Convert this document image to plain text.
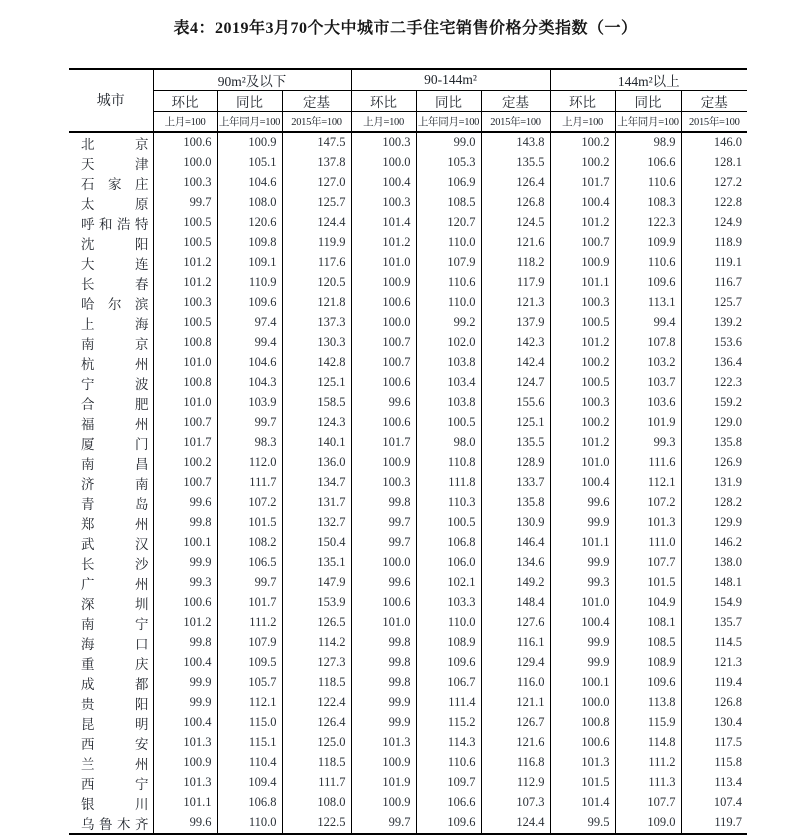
表4：2019年3月70个大中城市二手住宅销售价格分类指数（一）
城市	90m²及以下			90-144m²			144m²以上		
	环比	同比	定基	环比	同比	定基	环比	同比	定基
	上月=100	上年同月=100	2015年=100	上月=100	上年同月=100	2015年=100	上月=100	上年同月=100	2015年=100
北京	100.6	100.9	147.5	100.3	99.0	143.8	100.2	98.9	146.0
天津	100.0	105.1	137.8	100.0	105.3	135.5	100.2	106.6	128.1
石家庄	100.3	104.6	127.0	100.4	106.9	126.4	101.7	110.6	127.2
太原	99.7	108.0	125.7	100.3	108.5	126.8	100.4	108.3	122.8
呼和浩特	100.5	120.6	124.4	101.4	120.7	124.5	101.2	122.3	124.9
沈阳	100.5	109.8	119.9	101.2	110.0	121.6	100.7	109.9	118.9
大连	101.2	109.1	117.6	101.0	107.9	118.2	100.9	110.6	119.1
长春	101.2	110.9	120.5	100.9	110.6	117.9	101.1	109.6	116.7
哈尔滨	100.3	109.6	121.8	100.6	110.0	121.3	100.3	113.1	125.7
上海	100.5	97.4	137.3	100.0	99.2	137.9	100.5	99.4	139.2
南京	100.8	99.4	130.3	100.7	102.0	142.3	101.2	107.8	153.6
杭州	101.0	104.6	142.8	100.7	103.8	142.4	100.2	103.2	136.4
宁波	100.8	104.3	125.1	100.6	103.4	124.7	100.5	103.7	122.3
合肥	101.0	103.9	158.5	99.6	103.8	155.6	100.3	103.6	159.2
福州	100.7	99.7	124.3	100.6	100.5	125.1	100.2	101.9	129.0
厦门	101.7	98.3	140.1	101.7	98.0	135.5	101.2	99.3	135.8
南昌	100.2	112.0	136.0	100.9	110.8	128.9	101.0	111.6	126.9
济南	100.7	111.7	134.7	100.3	111.8	133.7	100.4	112.1	131.9
青岛	99.6	107.2	131.7	99.8	110.3	135.8	99.6	107.2	128.2
郑州	99.8	101.5	132.7	99.7	100.5	130.9	99.9	101.3	129.9
武汉	100.1	108.2	150.4	99.7	106.8	146.4	101.1	111.0	146.2
长沙	99.9	106.5	135.1	100.0	106.0	134.6	99.9	107.7	138.0
广州	99.3	99.7	147.9	99.6	102.1	149.2	99.3	101.5	148.1
深圳	100.6	101.7	153.9	100.6	103.3	148.4	101.0	104.9	154.9
南宁	101.2	111.2	126.5	101.0	110.0	127.6	100.4	108.1	135.7
海口	99.8	107.9	114.2	99.8	108.9	116.1	99.9	108.5	114.5
重庆	100.4	109.5	127.3	99.8	109.6	129.4	99.9	108.9	121.3
成都	99.9	105.7	118.5	99.8	106.7	116.0	100.1	109.6	119.4
贵阳	99.9	112.1	122.4	99.9	111.4	121.1	100.0	113.8	126.8
昆明	100.4	115.0	126.4	99.9	115.2	126.7	100.8	115.9	130.4
西安	101.3	115.1	125.0	101.3	114.3	121.6	100.6	114.8	117.5
兰州	100.9	110.4	118.5	100.9	110.6	116.8	101.3	111.2	115.8
西宁	101.3	109.4	111.7	101.9	109.7	112.9	101.5	111.3	113.4
银川	101.1	106.8	108.0	100.9	106.6	107.3	101.4	107.7	107.4
乌鲁木齐	99.6	110.0	122.5	99.7	109.6	124.4	99.5	109.0	119.7
